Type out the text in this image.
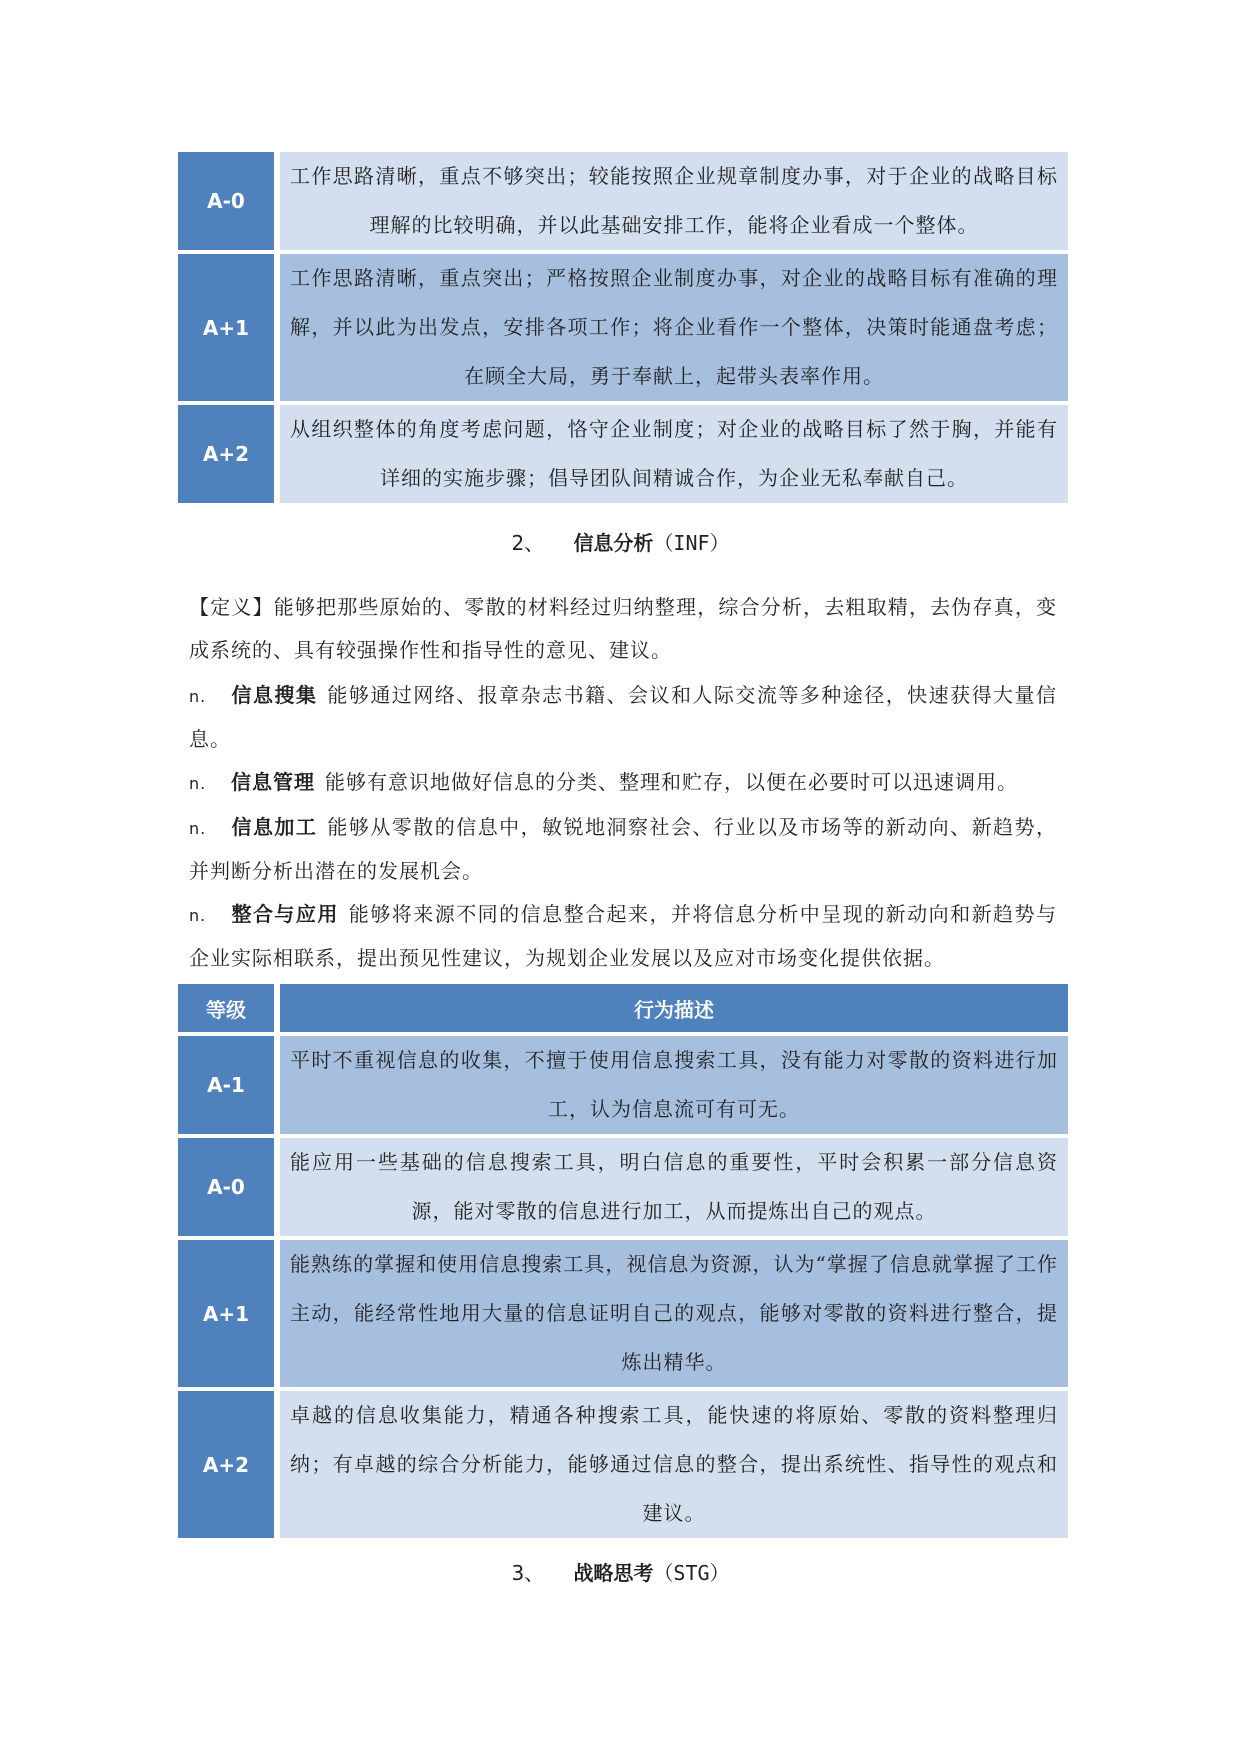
A-0	工作思路清晰，重点不够突出；较能按照企业规章制度办事，对于企业的战略目标理解的比较明确，并以此基础安排工作，能将企业看成一个整体。

A+1	工作思路清晰，重点突出；严格按照企业制度办事，对企业的战略目标有准确的理解，并以此为出发点，安排各项工作；将企业看作一个整体，决策时能通盘考虑；在顾全大局，勇于奉献上，起带头表率作用。

A+2	从组织整体的角度考虑问题，恪守企业制度；对企业的战略目标了然于胸，并能有详细的实施步骤；倡导团队间精诚合作，为企业无私奉献自己。
2、 信息分析（INF）
【定义】能够把那些原始的、零散的材料经过归纳整理，综合分析，去粗取精，去伪存真，变成系统的、具有较强操作性和指导性的意见、建议。
n. 信息搜集 能够通过网络、报章杂志书籍、会议和人际交流等多种途径，快速获得大量信息。
n. 信息管理 能够有意识地做好信息的分类、整理和贮存，以便在必要时可以迅速调用。
n. 信息加工 能够从零散的信息中，敏锐地洞察社会、行业以及市场等的新动向、新趋势，并判断分析出潜在的发展机会。
n. 整合与应用 能够将来源不同的信息整合起来，并将信息分析中呈现的新动向和新趋势与企业实际相联系，提出预见性建议，为规划企业发展以及应对市场变化提供依据。
等级	行为描述
A-1	平时不重视信息的收集，不擅于使用信息搜索工具，没有能力对零散的资料进行加工，认为信息流可有可无。

A-0	能应用一些基础的信息搜索工具，明白信息的重要性，平时会积累一部分信息资源，能对零散的信息进行加工，从而提炼出自己的观点。

A+1	能熟练的掌握和使用信息搜索工具，视信息为资源，认为“掌握了信息就掌握了工作主动，能经常性地用大量的信息证明自己的观点，能够对零散的资料进行整合，提炼出精华。

A+2	卓越的信息收集能力，精通各种搜索工具，能快速的将原始、零散的资料整理归纳；有卓越的综合分析能力，能够通过信息的整合，提出系统性、指导性的观点和建议。
3、 战略思考（STG）
